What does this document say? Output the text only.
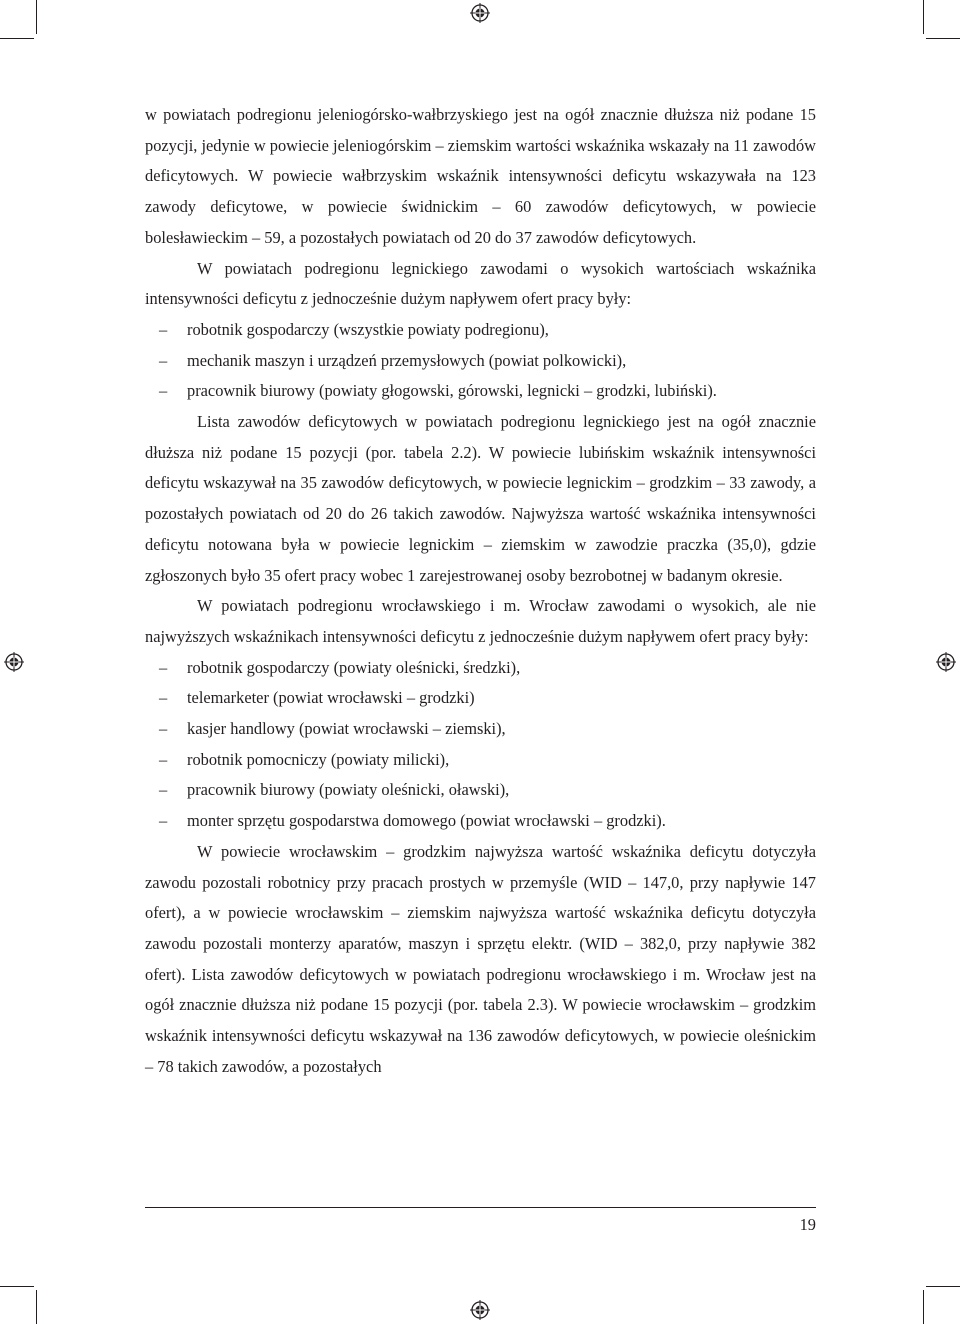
w powiatach podregionu jeleniogórsko-wałbrzyskiego jest na ogół znacznie dłuższa niż podane 15 pozycji, jedynie w powiecie jeleniogórskim – ziemskim wartości wskaźnika wskazały na 11 zawodów deficytowych. W powiecie wałbrzyskim wskaźnik intensywności deficytu wskazywała na 123 zawody deficytowe, w powiecie świdnickim – 60 zawodów deficytowych, w powiecie bolesławieckim – 59, a pozostałych powiatach od 20 do 37 zawodów deficytowych.

W powiatach podregionu legnickiego zawodami o wysokich wartościach wskaźnika intensywności deficytu z jednocześnie dużym napływem ofert pracy były:

– robotnik gospodarczy (wszystkie powiaty podregionu),
– mechanik maszyn i urządzeń przemysłowych (powiat polkowicki),
– pracownik biurowy (powiaty głogowski, górowski, legnicki – grodzki, lubiński).

Lista zawodów deficytowych w powiatach podregionu legnickiego jest na ogół znacznie dłuższa niż podane 15 pozycji (por. tabela 2.2). W powiecie lubińskim wskaźnik intensywności deficytu wskazywał na 35 zawodów deficytowych, w powiecie legnickim – grodzkim – 33 zawody, a pozostałych powiatach od 20 do 26 takich zawodów. Najwyższa wartość wskaźnika intensywności deficytu notowana była w powiecie legnickim – ziemskim w zawodzie praczka (35,0), gdzie zgłoszonych było 35 ofert pracy wobec 1 zarejestrowanej osoby bezrobotnej w badanym okresie.

W powiatach podregionu wrocławskiego i m. Wrocław zawodami o wysokich, ale nie najwyższych wskaźnikach intensywności deficytu z jednocześnie dużym napływem ofert pracy były:

– robotnik gospodarczy (powiaty oleśnicki, średzki),
– telemarketer (powiat wrocławski – grodzki)
– kasjer handlowy (powiat wrocławski – ziemski),
– robotnik pomocniczy (powiaty milicki),
– pracownik biurowy (powiaty oleśnicki, oławski),
– monter sprzętu gospodarstwa domowego (powiat wrocławski – grodzki).

W powiecie wrocławskim – grodzkim najwyższa wartość wskaźnika deficytu dotyczyła zawodu pozostali robotnicy przy pracach prostych w przemyśle (WID – 147,0, przy napływie 147 ofert), a w powiecie wrocławskim – ziemskim najwyższa wartość wskaźnika deficytu dotyczyła zawodu pozostali monterzy aparatów, maszyn i sprzętu elektr. (WID – 382,0, przy napływie 382 ofert). Lista zawodów deficytowych w powiatach podregionu wrocławskiego i m. Wrocław jest na ogół znacznie dłuższa niż podane 15 pozycji (por. tabela 2.3). W powiecie wrocławskim – grodzkim wskaźnik intensywności deficytu wskazywał na 136 zawodów deficytowych, w powiecie oleśnickim – 78 takich zawodów, a pozostałych

19
